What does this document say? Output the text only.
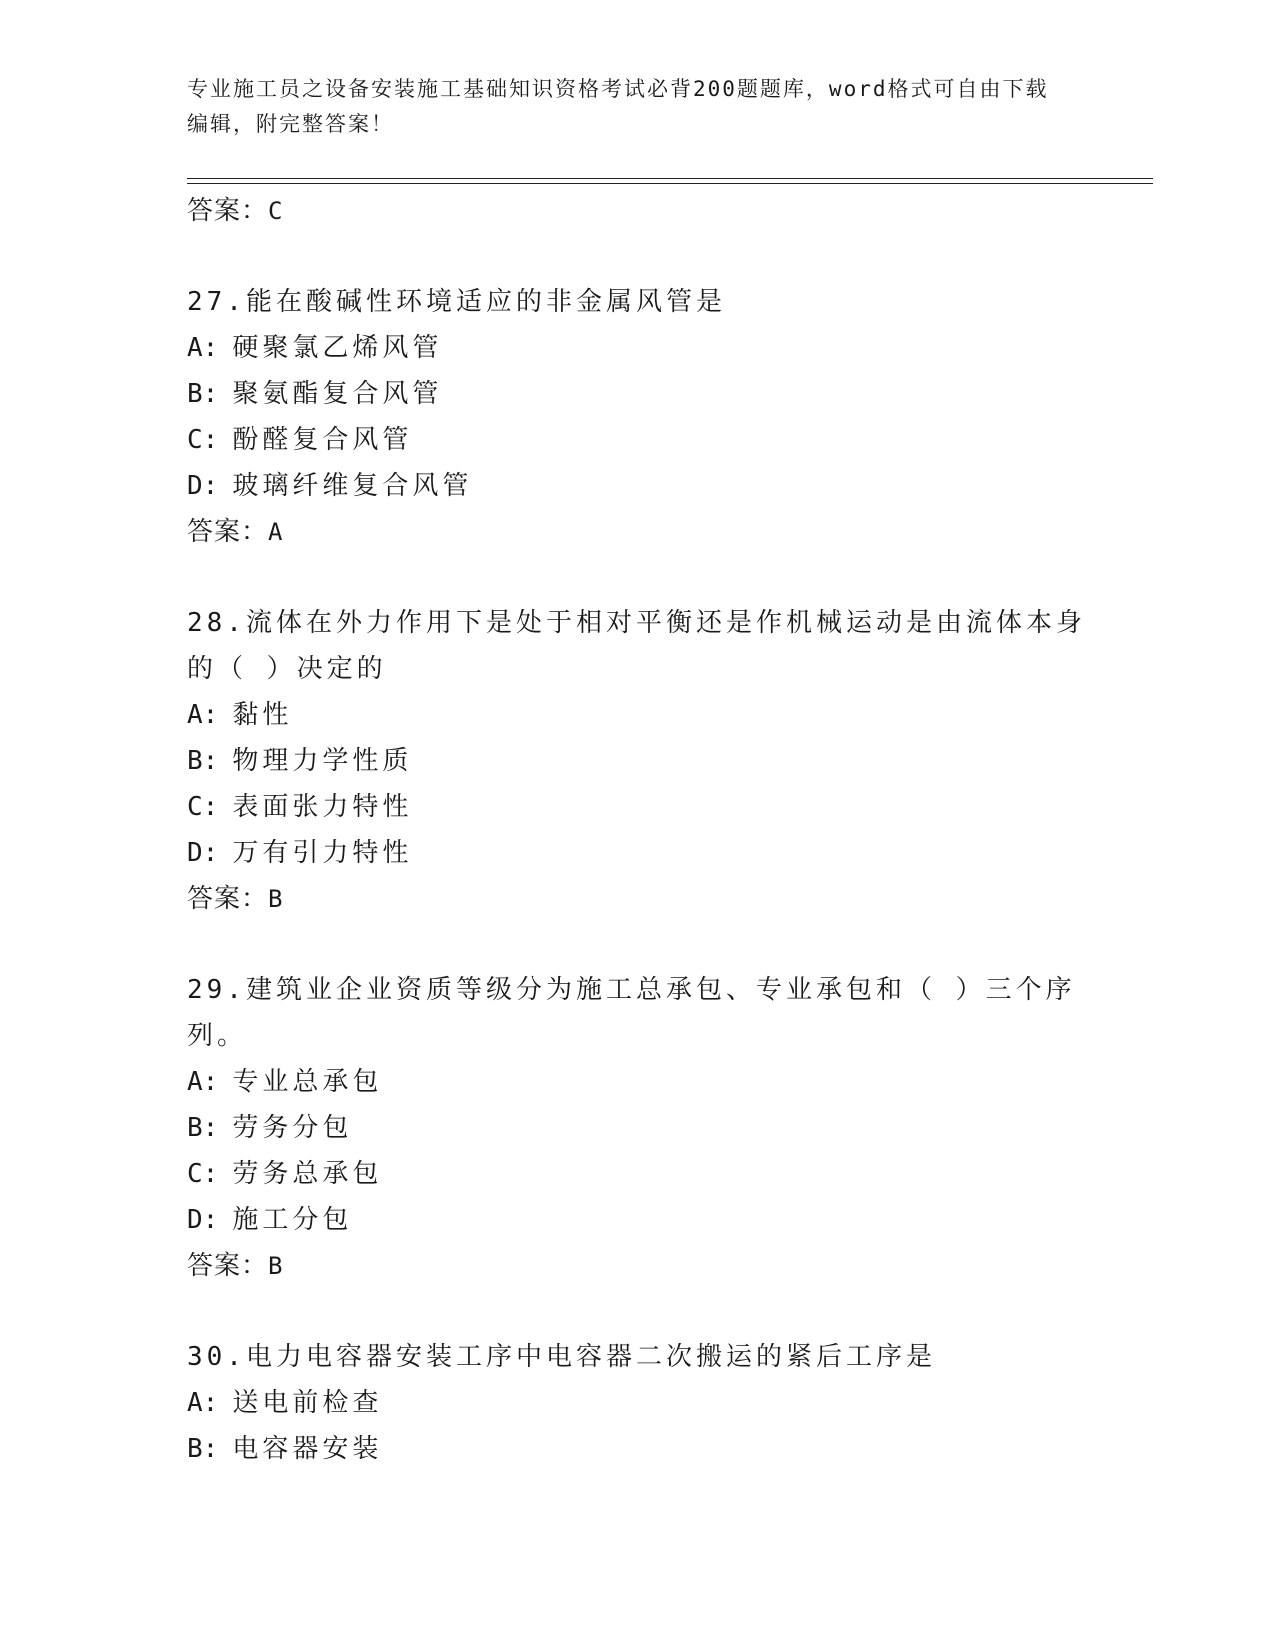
专业施工员之设备安装施工基础知识资格考试必背200题题库，word格式可自由下载编辑，附完整答案！
答案：C
27.能在酸碱性环境适应的非金属风管是
A: 硬聚氯乙烯风管
B: 聚氨酯复合风管
C: 酚醛复合风管
D: 玻璃纤维复合风管
答案：A
28.流体在外力作用下是处于相对平衡还是作机械运动是由流体本身的（ ）决定的
A: 黏性
B: 物理力学性质
C: 表面张力特性
D: 万有引力特性
答案：B
29.建筑业企业资质等级分为施工总承包、专业承包和（ ）三个序列。
A: 专业总承包
B: 劳务分包
C: 劳务总承包
D: 施工分包
答案：B
30.电力电容器安装工序中电容器二次搬运的紧后工序是
A: 送电前检查
B: 电容器安装
